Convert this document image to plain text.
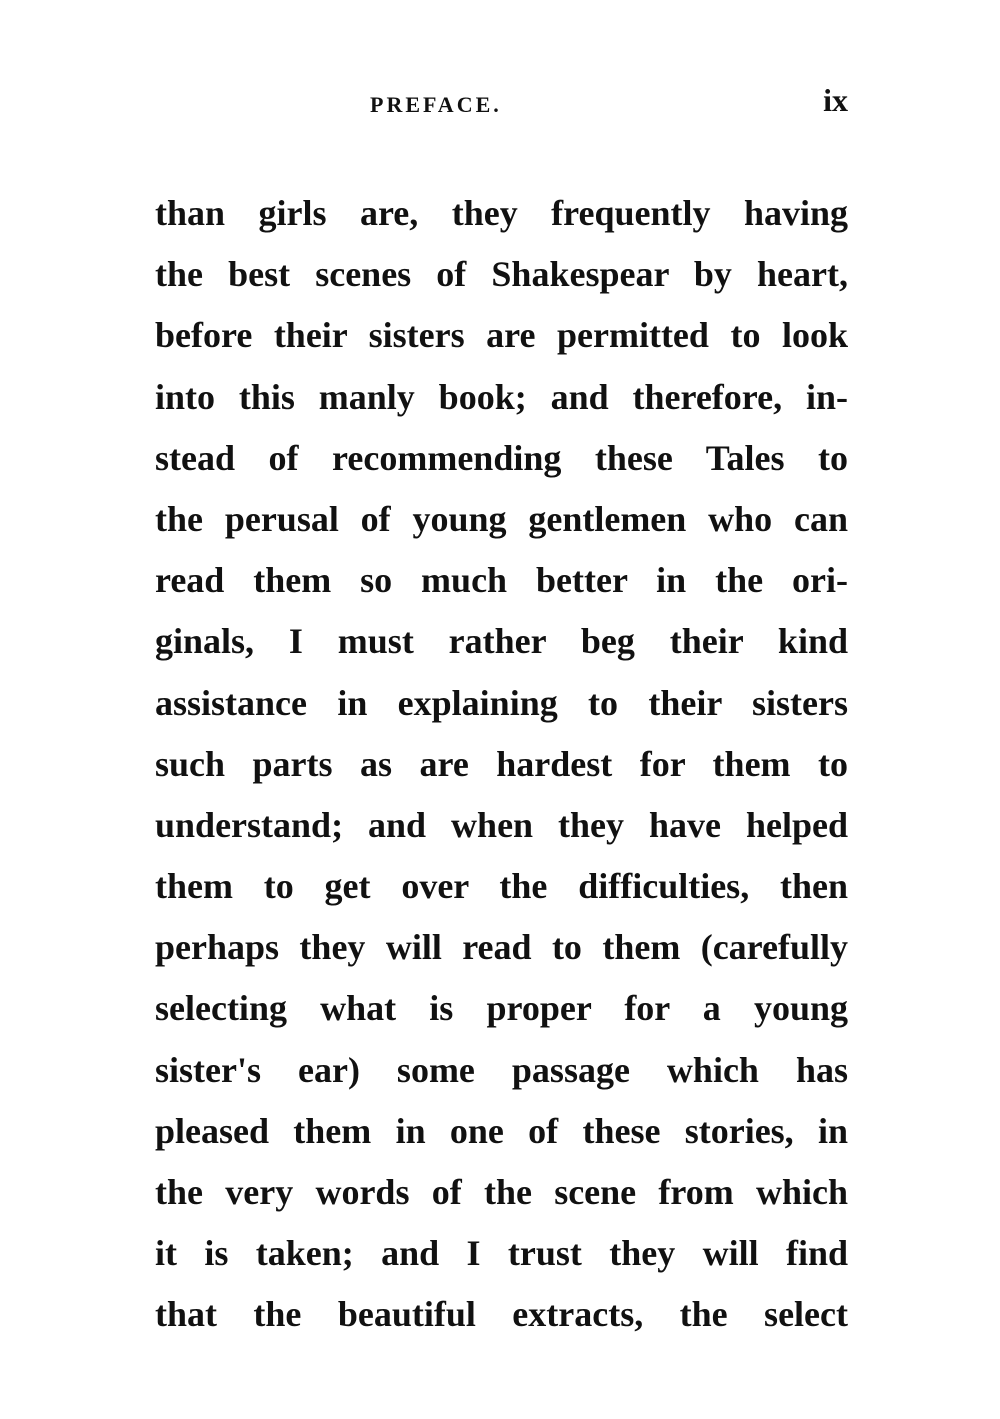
PREFACE.	ix
than girls are, they frequently having
the best scenes of Shakespear by heart,
before their sisters are permitted to look
into this manly book; and therefore, in-
stead of recommending these Tales to
the perusal of young gentlemen who can
read them so much better in the ori-
ginals, I must rather beg their kind
assistance in explaining to their sisters
such parts as are hardest for them to
understand; and when they have helped
them to get over the difficulties, then
perhaps they will read to them (carefully
selecting what is proper for a young
sister's ear) some passage which has
pleased them in one of these stories, in
the very words of the scene from which
it is taken; and I trust they will find
that the beautiful extracts, the select
